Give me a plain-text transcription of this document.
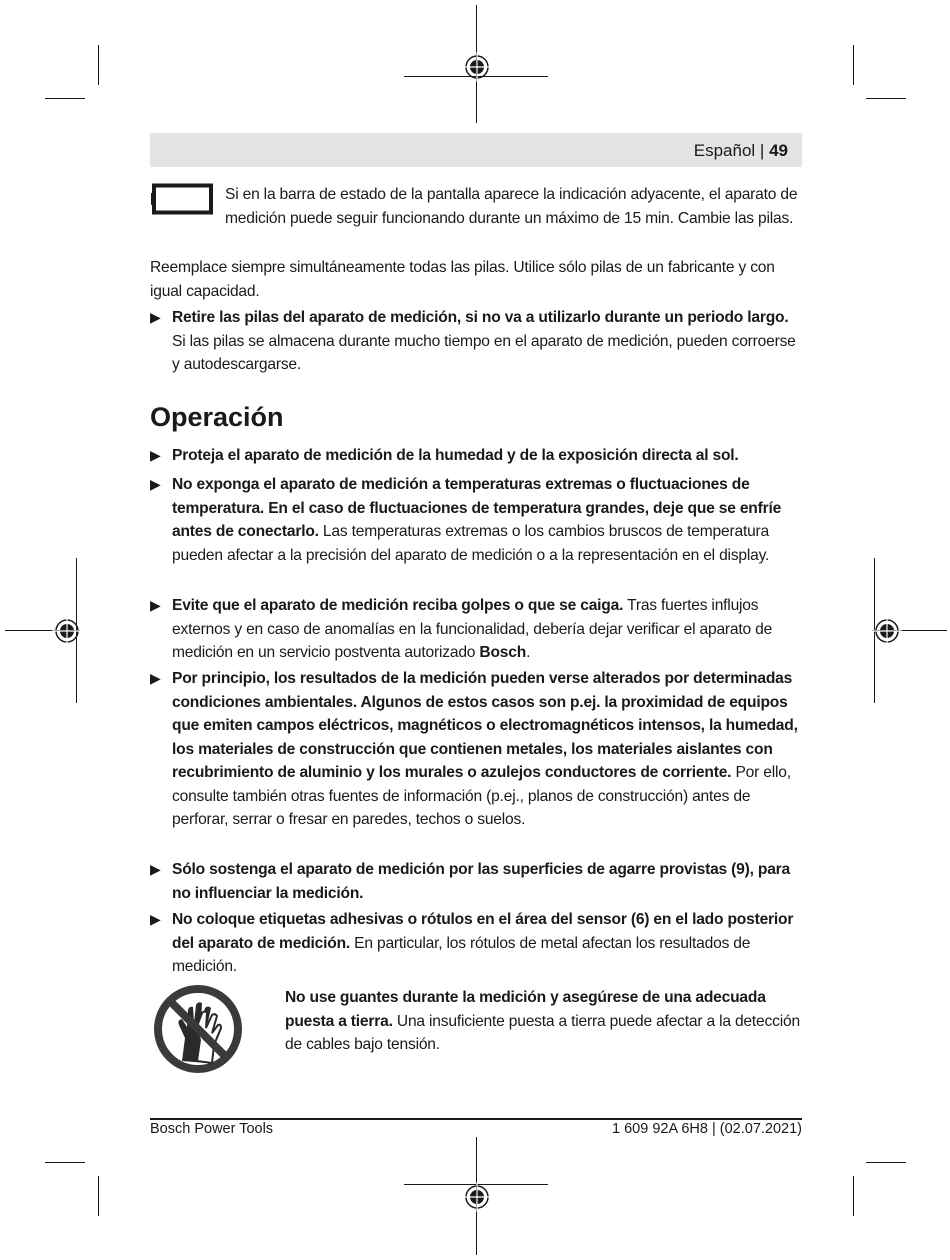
Español | 49
Si en la barra de estado de la pantalla aparece la indicación adyacente, el aparato de medición puede seguir funcionando durante un máximo de 15 min. Cambie las pilas.
Reemplace siempre simultáneamente todas las pilas. Utilice sólo pilas de un fabricante y con igual capacidad.
▶ Retire las pilas del aparato de medición, si no va a utilizarlo durante un periodo largo. Si las pilas se almacena durante mucho tiempo en el aparato de medición, pueden corroerse y autodescargarse.
Operación
▶ Proteja el aparato de medición de la humedad y de la exposición directa al sol.
▶ No exponga el aparato de medición a temperaturas extremas o fluctuaciones de temperatura. En el caso de fluctuaciones de temperatura grandes, deje que se enfríe antes de conectarlo. Las temperaturas extremas o los cambios bruscos de temperatura pueden afectar a la precisión del aparato de medición o a la representación en el display.
▶ Evite que el aparato de medición reciba golpes o que se caiga. Tras fuertes influjos externos y en caso de anomalías en la funcionalidad, debería dejar verificar el aparato de medición en un servicio postventa autorizado Bosch.
▶ Por principio, los resultados de la medición pueden verse alterados por determinadas condiciones ambientales. Algunos de estos casos son p.ej. la proximidad de equipos que emiten campos eléctricos, magnéticos o electromagnéticos intensos, la humedad, los materiales de construcción que contienen metales, los materiales aislantes con recubrimiento de aluminio y los murales o azulejos conductores de corriente. Por ello, consulte también otras fuentes de información (p.ej., planos de construcción) antes de perforar, serrar o fresar en paredes, techos o suelos.
▶ Sólo sostenga el aparato de medición por las superficies de agarre provistas (9), para no influenciar la medición.
▶ No coloque etiquetas adhesivas o rótulos en el área del sensor (6) en el lado posterior del aparato de medición. En particular, los rótulos de metal afectan los resultados de medición.
No use guantes durante la medición y asegúrese de una adecuada puesta a tierra. Una insuficiente puesta a tierra puede afectar a la detección de cables bajo tensión.
Bosch Power Tools	1 609 92A 6H8 | (02.07.2021)
